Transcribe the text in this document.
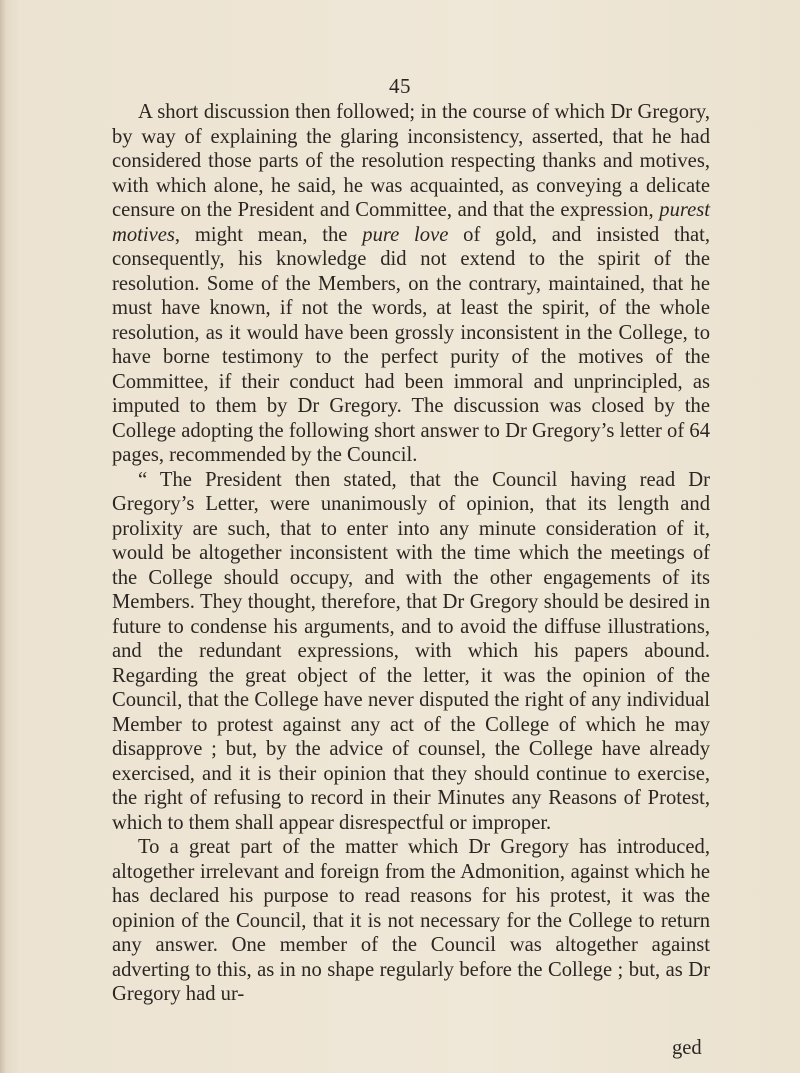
45

A short discussion then followed; in the course of which Dr Gregory, by way of explaining the glaring inconsistency, asserted, that he had considered those parts of the resolution respecting thanks and motives, with which alone, he said, he was acquainted, as conveying a delicate censure on the President and Committee, and that the expression, purest motives, might mean, the pure love of gold, and insisted that, consequently, his knowledge did not extend to the spirit of the resolution. Some of the Members, on the contrary, maintained, that he must have known, if not the words, at least the spirit, of the whole resolution, as it would have been grossly inconsistent in the College, to have borne testimony to the perfect purity of the motives of the Committee, if their conduct had been immoral and unprincipled, as imputed to them by Dr Gregory. The discussion was closed by the College adopting the following short answer to Dr Gregory’s letter of 64 pages, recommended by the Council.

“ The President then stated, that the Council having read Dr Gregory’s Letter, were unanimously of opinion, that its length and prolixity are such, that to enter into any minute consideration of it, would be altogether inconsistent with the time which the meetings of the College should occupy, and with the other engagements of its Members. They thought, therefore, that Dr Gregory should be desired in future to condense his arguments, and to avoid the diffuse illustrations, and the redundant expressions, with which his papers abound. Regarding the great object of the letter, it was the opinion of the Council, that the College have never disputed the right of any individual Member to protest against any act of the College of which he may disapprove ; but, by the advice of counsel, the College have already exercised, and it is their opinion that they should continue to exercise, the right of refusing to record in their Minutes any Reasons of Protest, which to them shall appear disrespectful or improper.

To a great part of the matter which Dr Gregory has introduced, altogether irrelevant and foreign from the Admonition, against which he has declared his purpose to read reasons for his protest, it was the opinion of the Council, that it is not necessary for the College to return any answer. One member of the Council was altogether against adverting to this, as in no shape regularly before the College ; but, as Dr Gregory had ur-

ged
